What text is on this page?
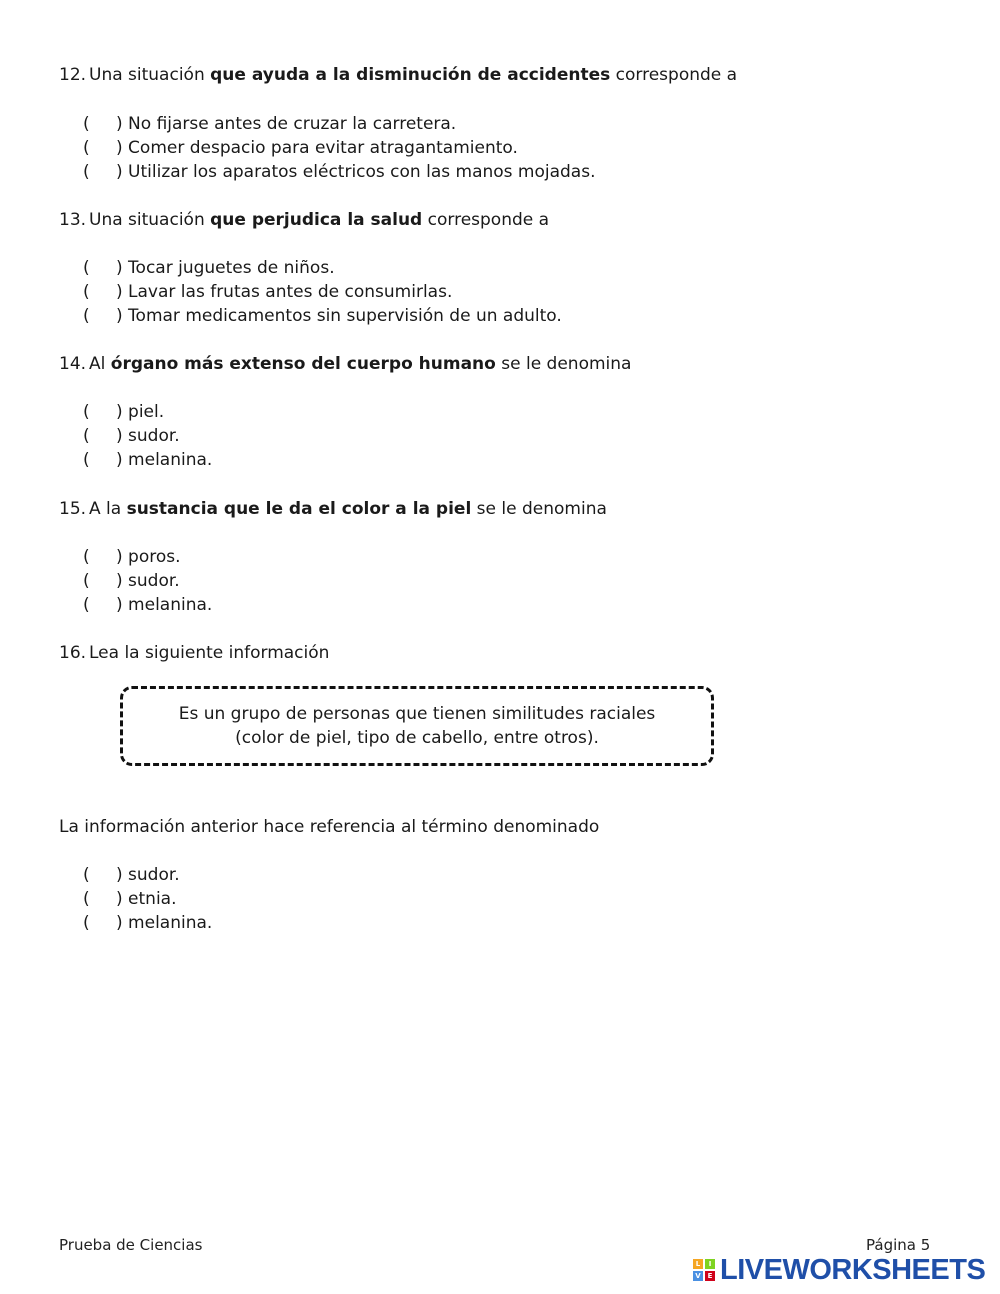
12. Una situación que ayuda a la disminución de accidentes corresponde a
( ) No fijarse antes de cruzar la carretera.
( ) Comer despacio para evitar atragantamiento.
( ) Utilizar los aparatos eléctricos con las manos mojadas.
13. Una situación que perjudica la salud corresponde a
( ) Tocar juguetes de niños.
( ) Lavar las frutas antes de consumirlas.
( ) Tomar medicamentos sin supervisión de un adulto.
14. Al órgano más extenso del cuerpo humano se le denomina
( ) piel.
( ) sudor.
( ) melanina.
15. A la sustancia que le da el color a la piel se le denomina
( ) poros.
( ) sudor.
( ) melanina.
16. Lea la siguiente información
Es un grupo de personas que tienen similitudes raciales
(color de piel, tipo de cabello, entre otros).
La información anterior hace referencia al término denominado
( ) sudor.
( ) etnia.
( ) melanina.
Prueba de Ciencias	Página 5
L	I
V E LIVEWORKSHEETS
